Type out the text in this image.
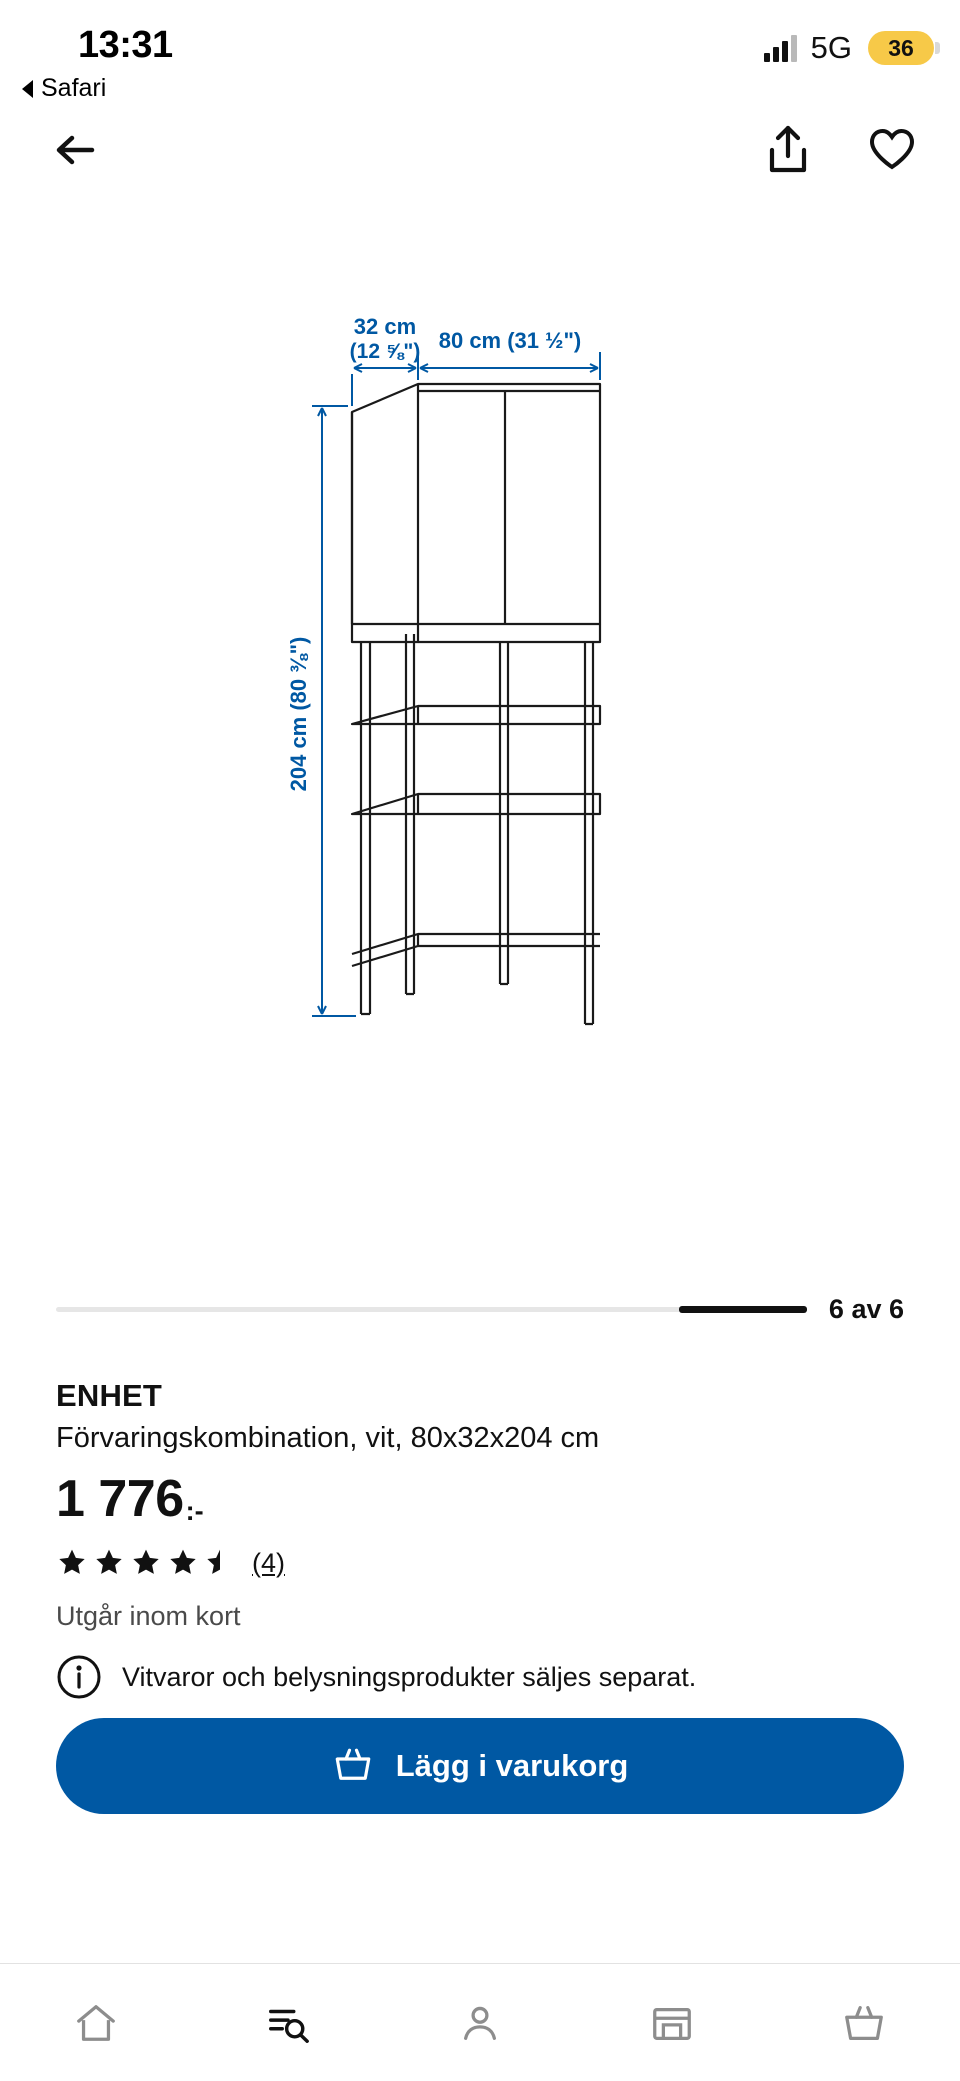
13:31
Safari
5G 36
32 cm
(12 ⅝") 80 cm (31 ½")
204 cm (80 ⅜")
6 av 6
ENHET
Förvaringskombination, vit, 80x32x204 cm
1 776 :-
(4)
Utgår inom kort
Vitvaror och belysningsprodukter säljes separat.
Lägg i varukorg
